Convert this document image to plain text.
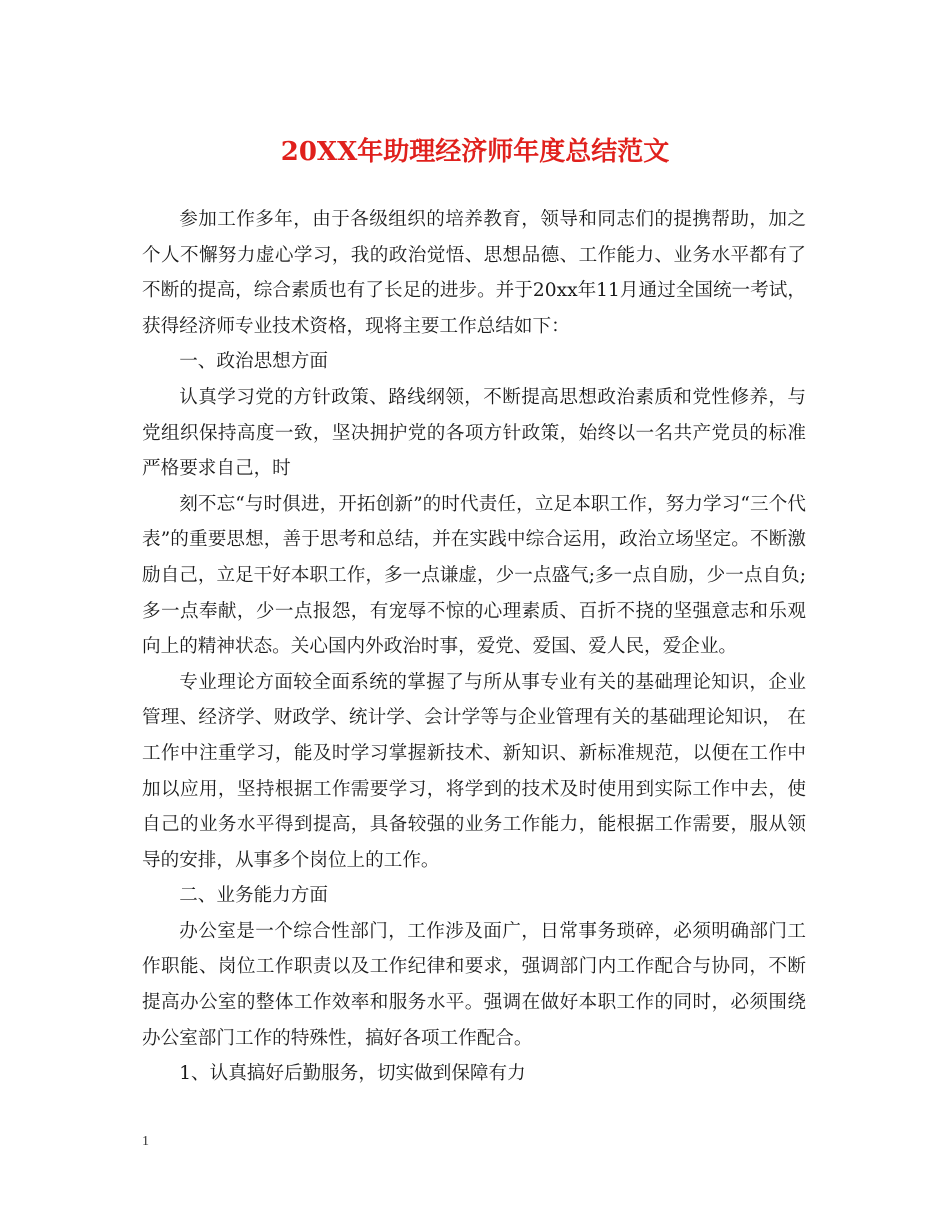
20XX年助理经济师年度总结范文

参加工作多年，由于各级组织的培养教育，领导和同志们的提携帮助，加之个人不懈努力虚心学习，我的政治觉悟、思想品德、工作能力、业务水平都有了不断的提高，综合素质也有了长足的进步。并于20xx年11月通过全国统一考试，获得经济师专业技术资格，现将主要工作总结如下：

一、政治思想方面

认真学习党的方针政策、路线纲领，不断提高思想政治素质和党性修养，与党组织保持高度一致，坚决拥护党的各项方针政策，始终以一名共产党员的标准严格要求自己，时

刻不忘“与时俱进，开拓创新”的时代责任，立足本职工作，努力学习“三个代表”的重要思想，善于思考和总结，并在实践中综合运用，政治立场坚定。不断激励自己，立足干好本职工作，多一点谦虚，少一点盛气;多一点自励，少一点自负;多一点奉献，少一点报怨，有宠辱不惊的心理素质、百折不挠的坚强意志和乐观向上的精神状态。关心国内外政治时事，爱党、爱国、爱人民，爱企业。

专业理论方面较全面系统的掌握了与所从事专业有关的基础理论知识，企业管理、经济学、财政学、统计学、会计学等与企业管理有关的基础理论知识， 在工作中注重学习，能及时学习掌握新技术、新知识、新标准规范，以便在工作中加以应用，坚持根据工作需要学习，将学到的技术及时使用到实际工作中去，使自己的业务水平得到提高，具备较强的业务工作能力，能根据工作需要，服从领导的安排，从事多个岗位上的工作。

二、业务能力方面

办公室是一个综合性部门，工作涉及面广，日常事务琐碎，必须明确部门工作职能、岗位工作职责以及工作纪律和要求，强调部门内工作配合与协同，不断提高办公室的整体工作效率和服务水平。强调在做好本职工作的同时，必须围绕办公室部门工作的特殊性，搞好各项工作配合。

1、认真搞好后勤服务，切实做到保障有力

1
